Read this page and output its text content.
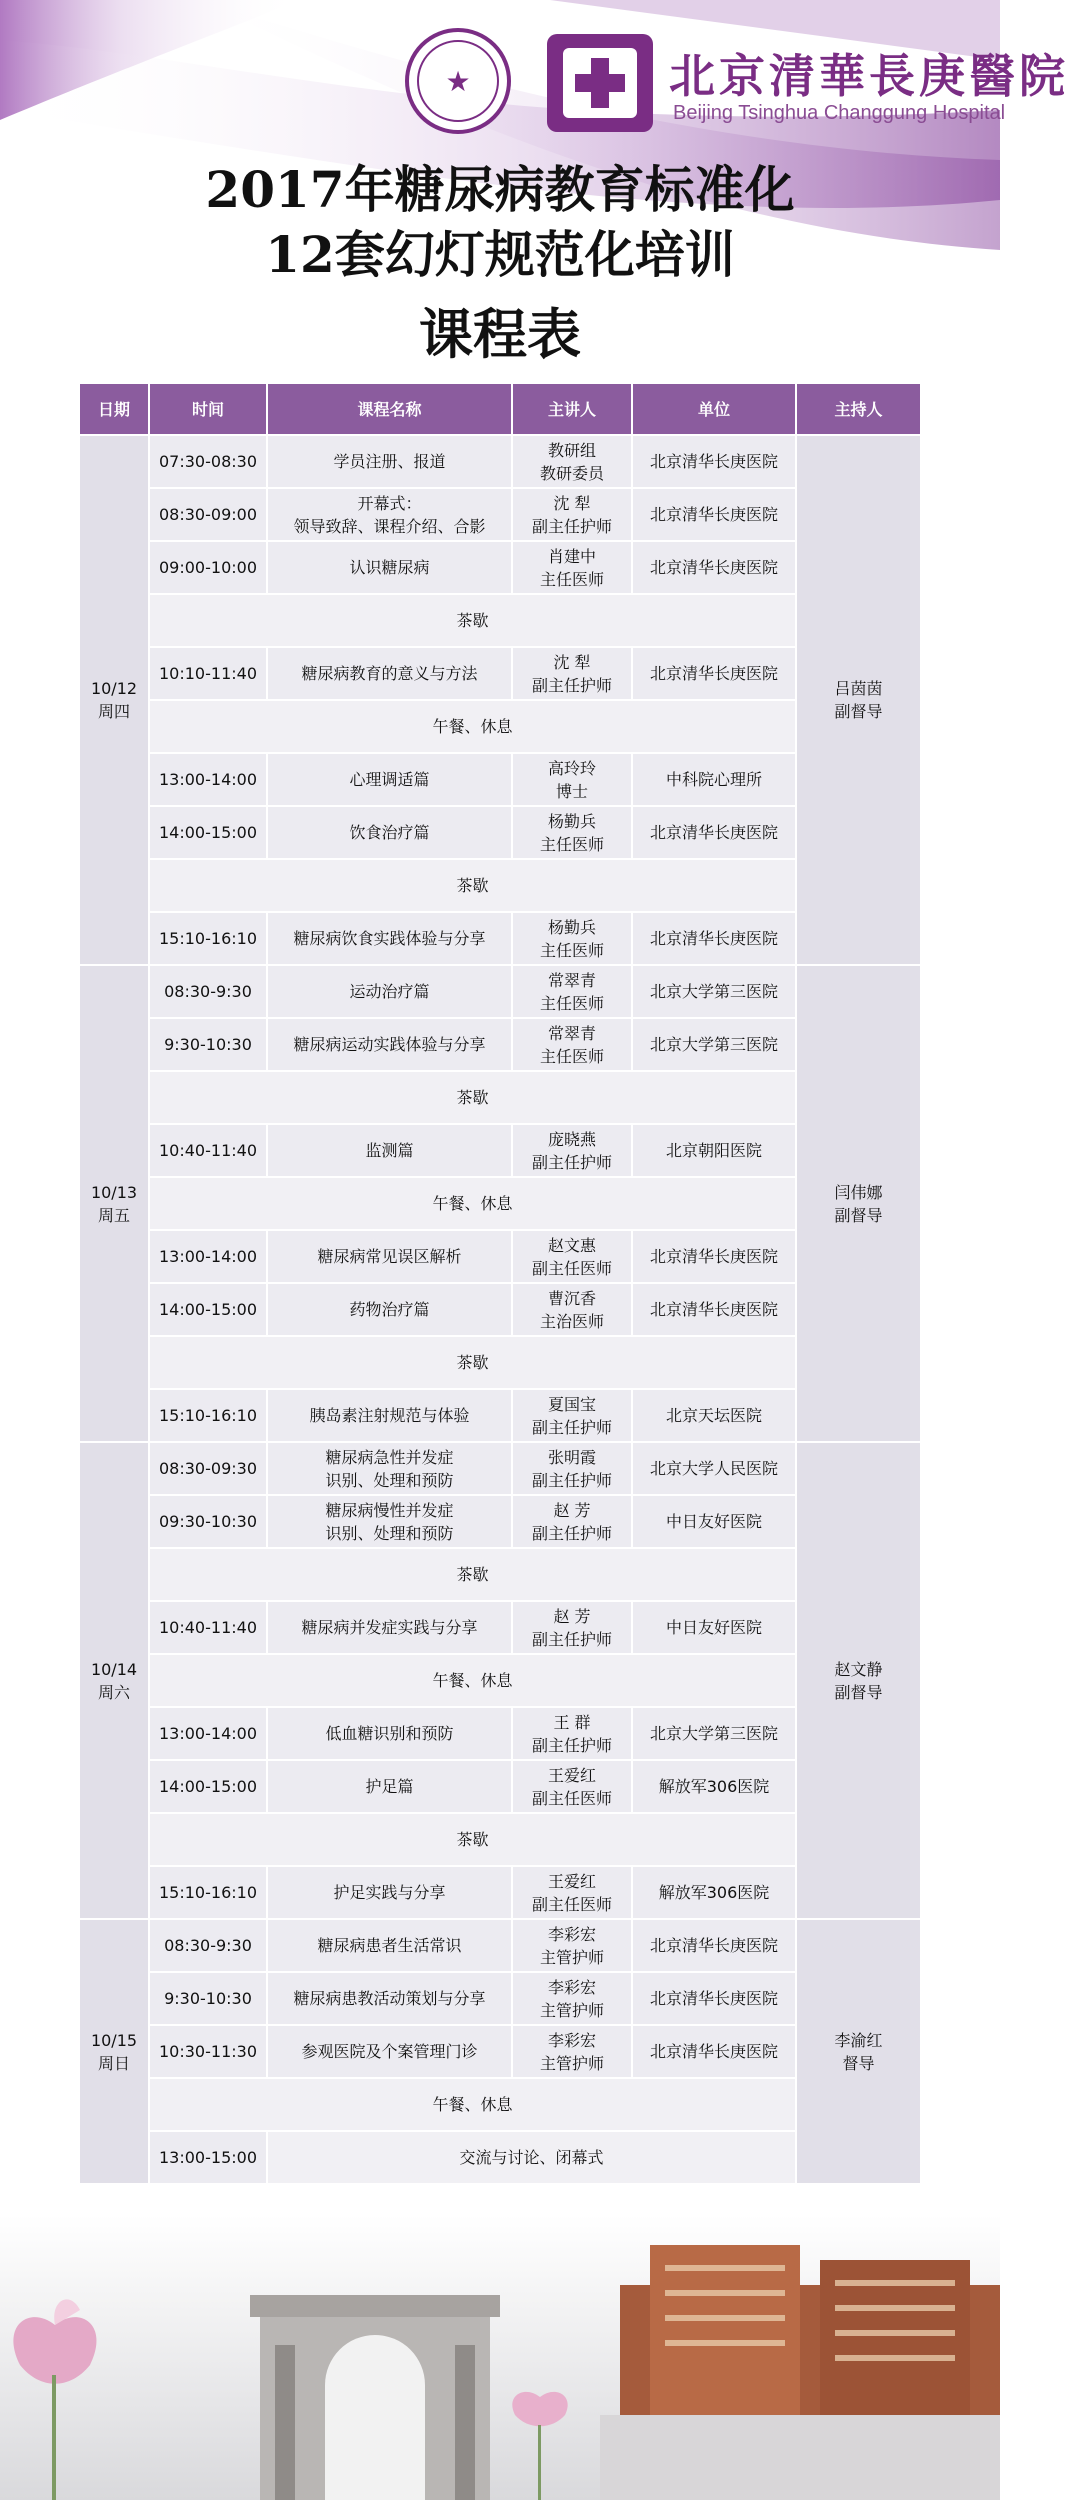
★	北京清華長庚醫院
Beijing Tsinghua Changgung Hospital
2017年糖尿病教育标准化
12套幻灯规范化培训
课程表
日期	时间	课程名称	主讲人	单位	主持人

10/12
周四	07:30-08:30	学员注册、报道	教研组
教研委员	北京清华长庚医院	吕茵茵
副督导

	08:30-09:00	开幕式：
领导致辞、课程介绍、合影	沈 犁
副主任护师	北京清华长庚医院	
	09:00-10:00	认识糖尿病	肖建中
主任医师	北京清华长庚医院	
	茶歇				
	10:10-11:40	糖尿病教育的意义与方法	沈 犁
副主任护师	北京清华长庚医院	
	午餐、休息				
	13:00-14:00	心理调适篇	高玲玲
博士	中科院心理所	
	14:00-15:00	饮食治疗篇	杨勤兵
主任医师	北京清华长庚医院	
	茶歇				
	15:10-16:10	糖尿病饮食实践体验与分享	杨勤兵
主任医师	北京清华长庚医院	

10/13
周五	08:30-9:30	运动治疗篇	常翠青
主任医师	北京大学第三医院	闫伟娜
副督导

	9:30-10:30	糖尿病运动实践体验与分享	常翠青
主任医师	北京大学第三医院	
	茶歇				
	10:40-11:40	监测篇	庞晓燕
副主任护师	北京朝阳医院	
	午餐、休息				
	13:00-14:00	糖尿病常见误区解析	赵文惠
副主任医师	北京清华长庚医院	
	14:00-15:00	药物治疗篇	曹沉香
主治医师	北京清华长庚医院	
	茶歇				
	15:10-16:10	胰岛素注射规范与体验	夏国宝
副主任护师	北京天坛医院	

10/14
周六	08:30-09:30	糖尿病急性并发症
识别、处理和预防	张明霞
副主任护师	北京大学人民医院	赵文静
副督导

	09:30-10:30	糖尿病慢性并发症
识别、处理和预防	赵 芳
副主任护师	中日友好医院	
	茶歇				
	10:40-11:40	糖尿病并发症实践与分享	赵 芳
副主任护师	中日友好医院	
	午餐、休息				
	13:00-14:00	低血糖识别和预防	王 群
副主任护师	北京大学第三医院	
	14:00-15:00	护足篇	王爱红
副主任医师	解放军306医院	
	茶歇				
	15:10-16:10	护足实践与分享	王爱红
副主任医师	解放军306医院	

10/15
周日	08:30-9:30	糖尿病患者生活常识	李彩宏
主管护师	北京清华长庚医院	李渝红
督导

	9:30-10:30	糖尿病患教活动策划与分享	李彩宏
主管护师	北京清华长庚医院	
	10:30-11:30	参观医院及个案管理门诊	李彩宏
主管护师	北京清华长庚医院	
	午餐、休息				
	13:00-15:00	交流与讨论、闭幕式			
